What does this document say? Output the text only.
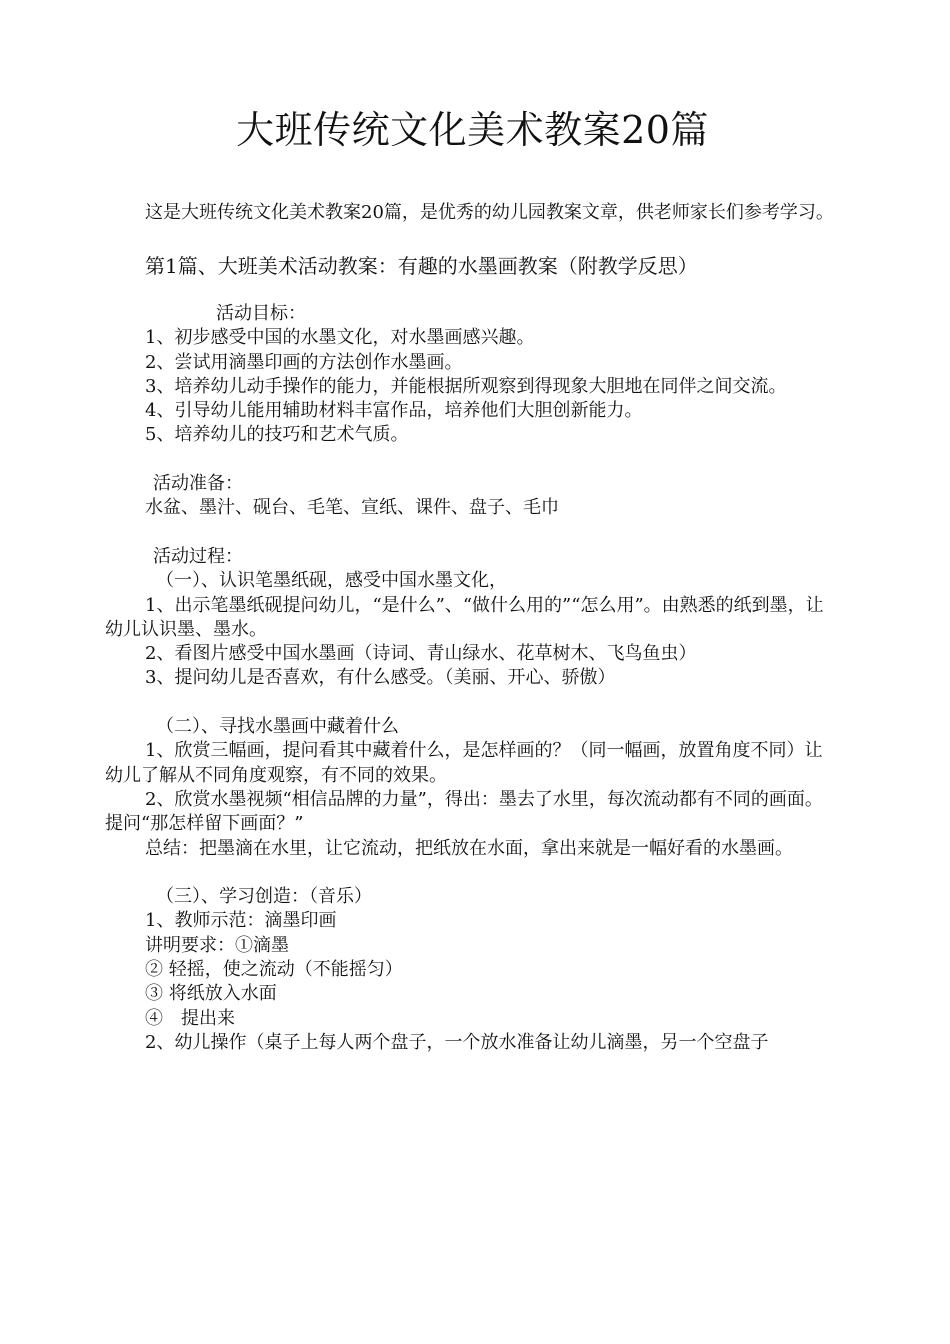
大班传统文化美术教案20篇

这是大班传统文化美术教案20篇，是优秀的幼儿园教案文章，供老师家长们参考学习。

第1篇、大班美术活动教案：有趣的水墨画教案（附教学反思）

活动目标：

1、初步感受中国的水墨文化，对水墨画感兴趣。

2、尝试用滴墨印画的方法创作水墨画。

3、培养幼儿动手操作的能力，并能根据所观察到得现象大胆地在同伴之间交流。

4、引导幼儿能用辅助材料丰富作品，培养他们大胆创新能力。

5、培养幼儿的技巧和艺术气质。

活动准备：

水盆、墨汁、砚台、毛笔、宣纸、课件、盘子、毛巾

活动过程：

（一）、认识笔墨纸砚，感受中国水墨文化，

1、出示笔墨纸砚提问幼儿，“是什么”、“做什么用的”“怎么用”。由熟悉的纸到墨，让幼儿认识墨、墨水。

2、看图片感受中国水墨画（诗词、青山绿水、花草树木、飞鸟鱼虫）

3、提问幼儿是否喜欢，有什么感受。（美丽、开心、骄傲）

（二）、寻找水墨画中藏着什么

1、欣赏三幅画，提问看其中藏着什么，是怎样画的？（同一幅画，放置角度不同）让幼儿了解从不同角度观察，有不同的效果。

2、欣赏水墨视频“相信品牌的力量”，得出：墨去了水里，每次流动都有不同的画面。提问“那怎样留下画面？”

总结：把墨滴在水里，让它流动，把纸放在水面，拿出来就是一幅好看的水墨画。

（三）、学习创造：（音乐）

1、教师示范：滴墨印画

讲明要求：①滴墨

② 轻摇，使之流动（不能摇匀）

③ 将纸放入水面

④　提出来

2、幼儿操作（桌子上每人两个盘子，一个放水准备让幼儿滴墨，另一个空盘子
